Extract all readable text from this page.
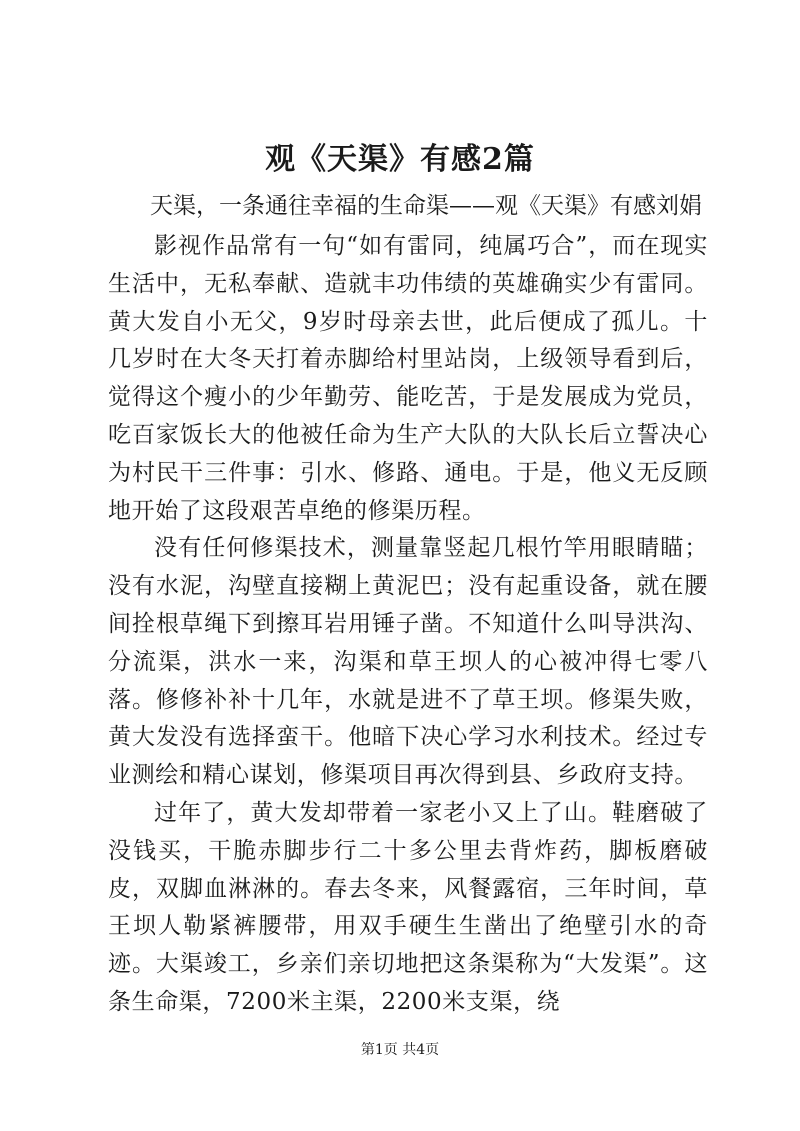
观《天渠》有感2篇
天渠，一条通往幸福的生命渠——观《天渠》有感刘娟

影视作品常有一句“如有雷同，纯属巧合”，而在现实生活中，无私奉献、造就丰功伟绩的英雄确实少有雷同。黄大发自小无父，9岁时母亲去世，此后便成了孤儿。十几岁时在大冬天打着赤脚给村里站岗，上级领导看到后，觉得这个瘦小的少年勤劳、能吃苦，于是发展成为党员，吃百家饭长大的他被任命为生产大队的大队长后立誓决心为村民干三件事：引水、修路、通电。于是，他义无反顾地开始了这段艰苦卓绝的修渠历程。

没有任何修渠技术，测量靠竖起几根竹竿用眼睛瞄；没有水泥，沟壁直接糊上黄泥巴；没有起重设备，就在腰间拴根草绳下到擦耳岩用锤子凿。不知道什么叫导洪沟、分流渠，洪水一来，沟渠和草王坝人的心被冲得七零八落。修修补补十几年，水就是进不了草王坝。修渠失败，黄大发没有选择蛮干。他暗下决心学习水利技术。经过专业测绘和精心谋划，修渠项目再次得到县、乡政府支持。

过年了，黄大发却带着一家老小又上了山。鞋磨破了没钱买，干脆赤脚步行二十多公里去背炸药，脚板磨破皮，双脚血淋淋的。春去冬来，风餐露宿，三年时间，草王坝人勒紧裤腰带，用双手硬生生凿出了绝壁引水的奇迹。大渠竣工，乡亲们亲切地把这条渠称为“大发渠”。这条生命渠，7200米主渠，2200米支渠，绕

第1页 共4页
